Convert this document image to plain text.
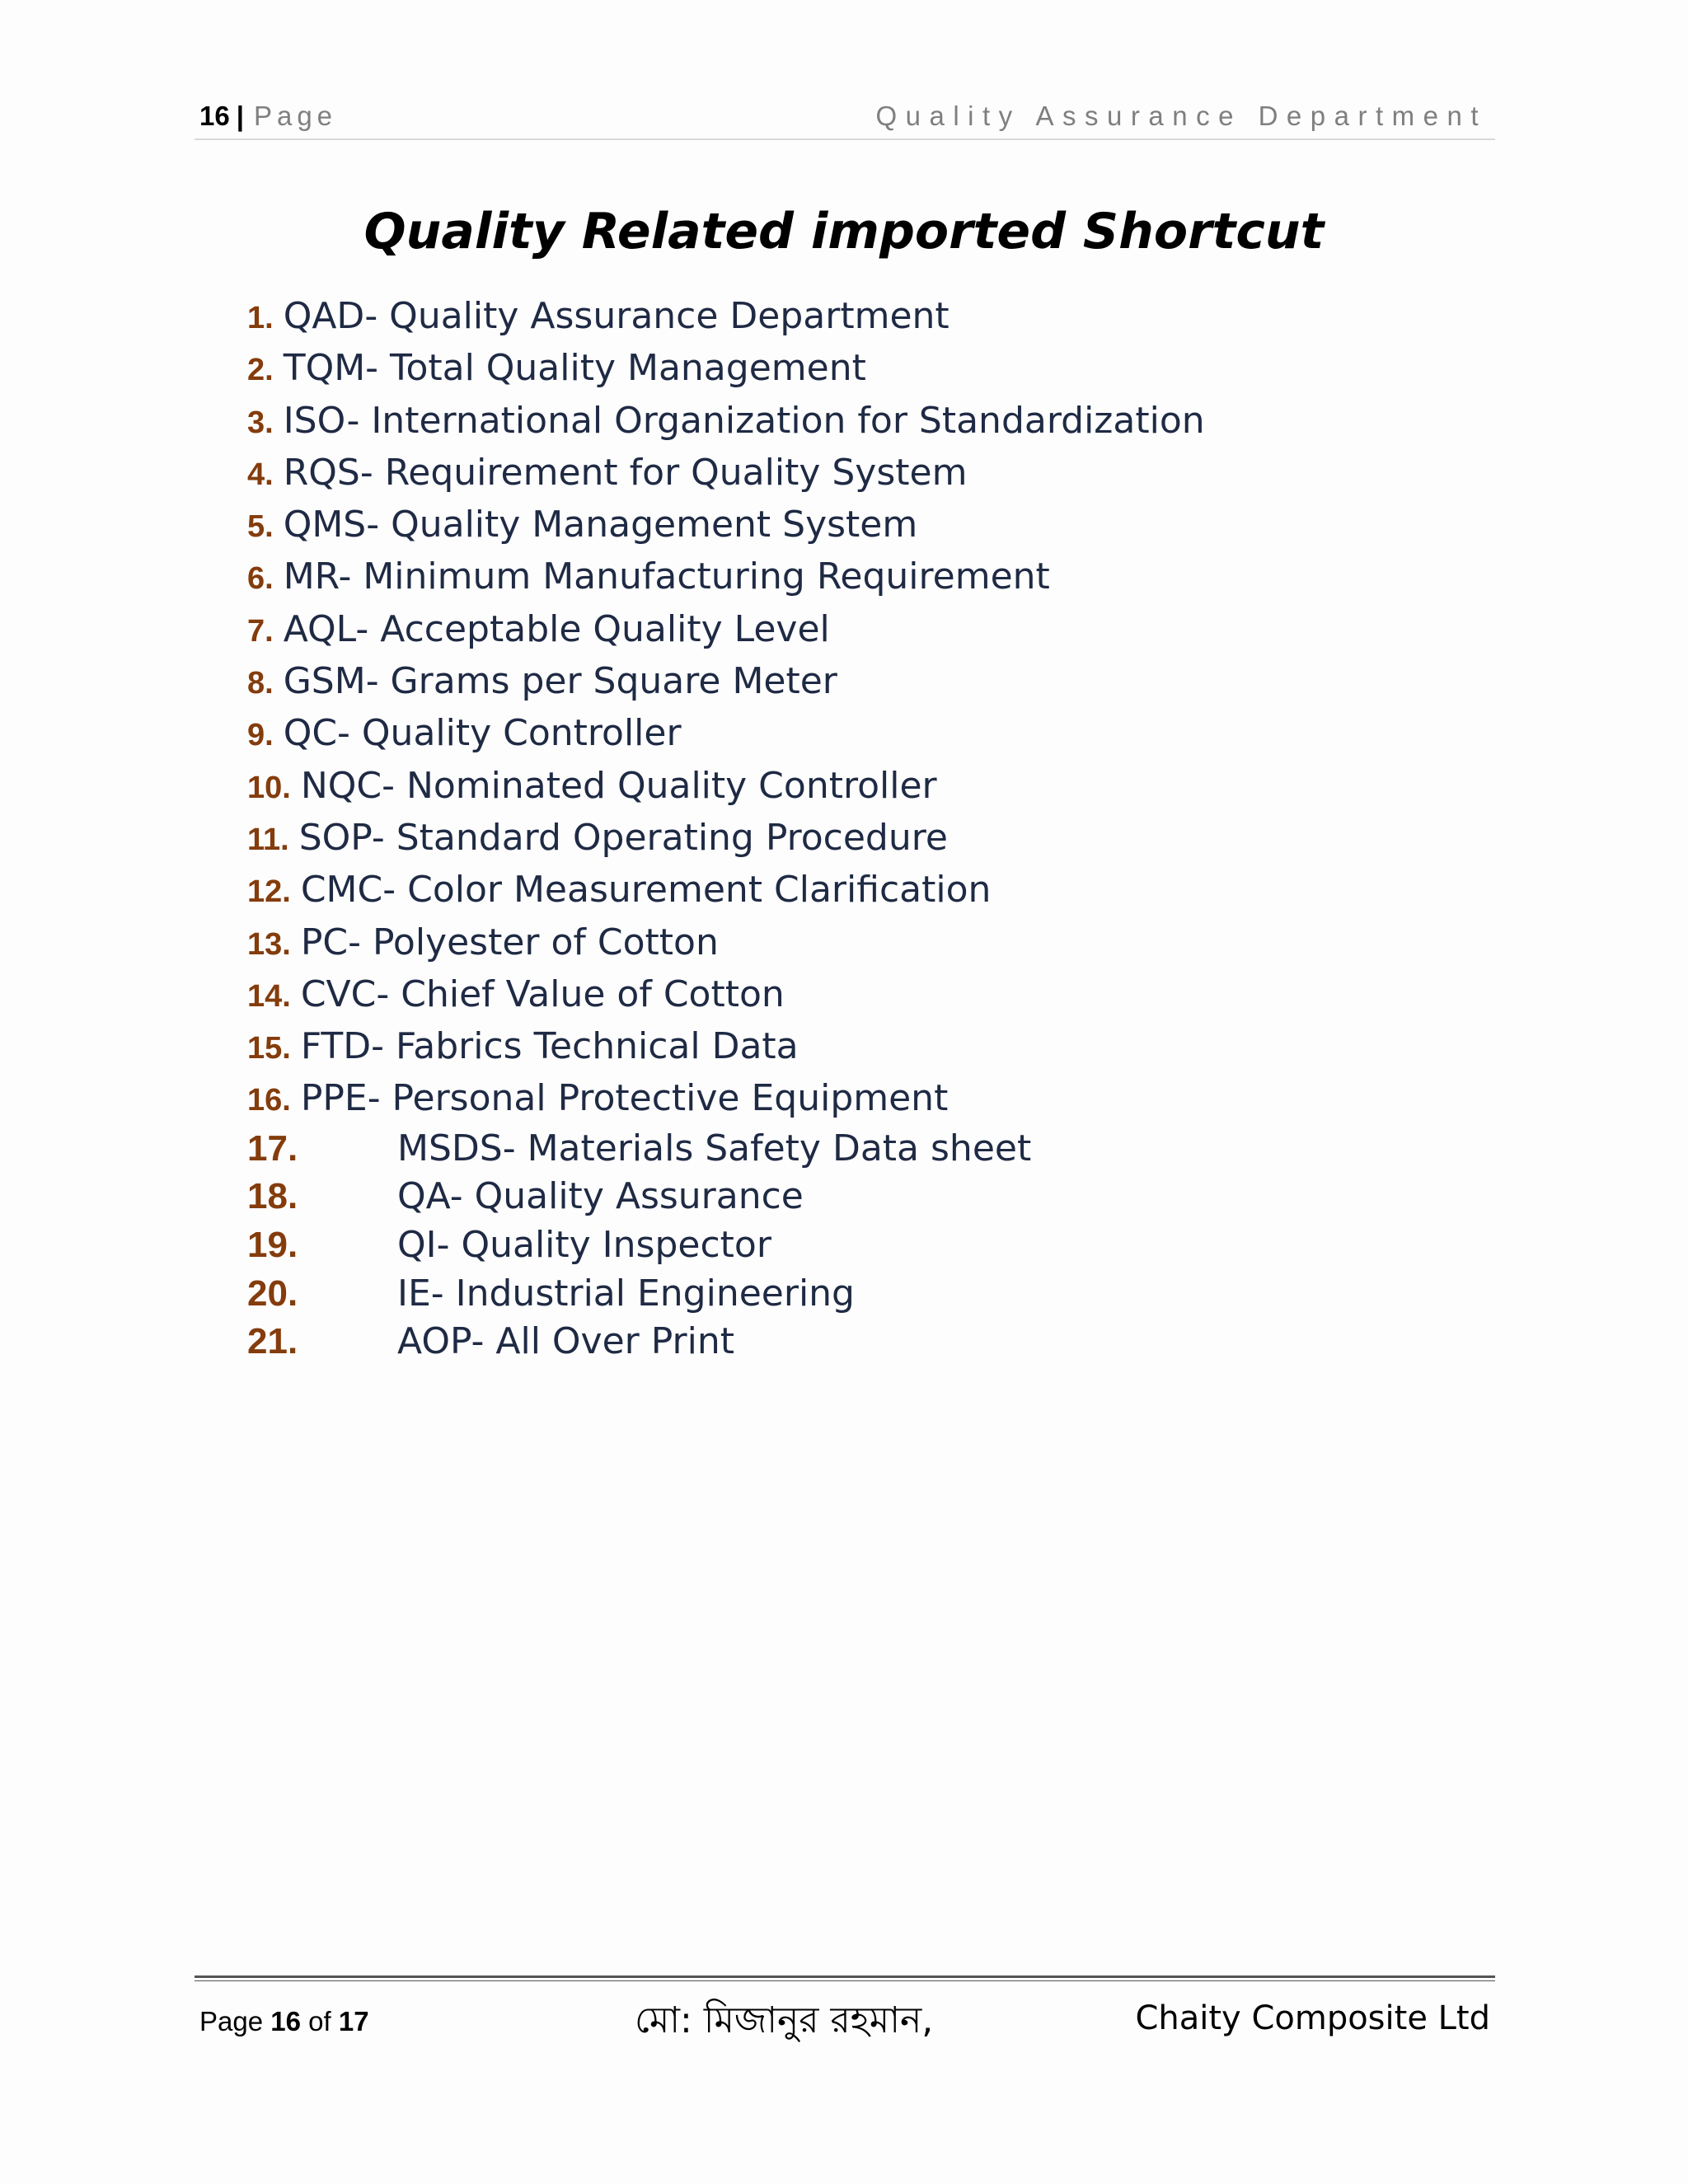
16 | Page	Quality Assurance Department
Quality Related imported Shortcut
1. QAD- Quality Assurance Department
2. TQM- Total Quality Management
3. ISO- International Organization for Standardization
4. RQS- Requirement for Quality System
5. QMS- Quality Management System
6. MR- Minimum Manufacturing Requirement
7. AQL- Acceptable Quality Level
8. GSM- Grams per Square Meter
9. QC- Quality Controller
10. NQC- Nominated Quality Controller
11. SOP- Standard Operating Procedure
12. CMC- Color Measurement Clarification
13. PC- Polyester of Cotton
14. CVC- Chief Value of Cotton
15. FTD- Fabrics Technical Data
16. PPE- Personal Protective Equipment
17.	MSDS- Materials Safety Data sheet
18.	QA- Quality Assurance
19.	QI- Quality Inspector
20.	IE- Industrial Engineering
21.	AOP- All Over Print
Page 16 of 17	মো: মিজানুর রহমান,	Chaity Composite Ltd
